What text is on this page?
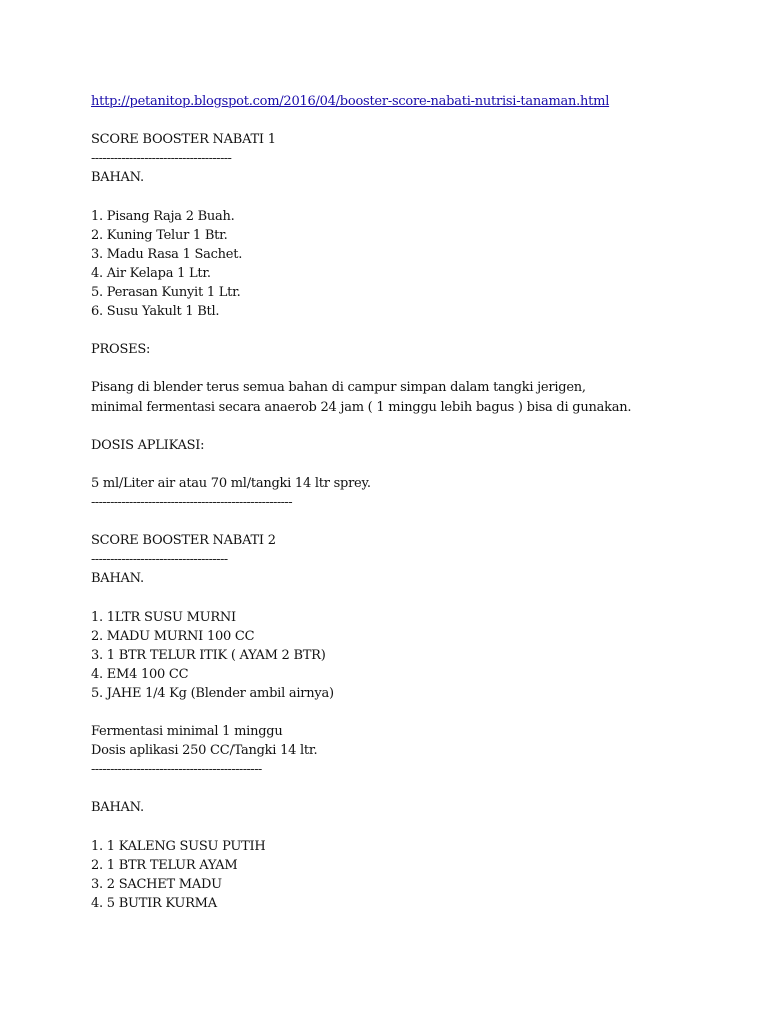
http://petanitop.blogspot.com/2016/04/booster-score-nabati-nutrisi-tanaman.html
SCORE BOOSTER NABATI 1
-------------------------------------
BAHAN.
1. Pisang Raja 2 Buah.
2. Kuning Telur 1 Btr.
3. Madu Rasa 1 Sachet.
4. Air Kelapa 1 Ltr.
5. Perasan Kunyit 1 Ltr.
6. Susu Yakult 1 Btl.
PROSES:
Pisang di blender terus semua bahan di campur simpan dalam tangki jerigen,
minimal fermentasi secara anaerob 24 jam ( 1 minggu lebih bagus ) bisa di gunakan.
DOSIS APLIKASI:
5 ml/Liter air atau 70 ml/tangki 14 ltr sprey.
-----------------------------------------------------
SCORE BOOSTER NABATI 2
------------------------------------
BAHAN.
1. 1LTR SUSU MURNI
2. MADU MURNI 100 CC
3. 1 BTR TELUR ITIK ( AYAM 2 BTR)
4. EM4 100 CC
5. JAHE 1/4 Kg (Blender ambil airnya)
Fermentasi minimal 1 minggu
Dosis aplikasi 250 CC/Tangki 14 ltr.
---------------------------------------------
BAHAN.
1. 1 KALENG SUSU PUTIH
2. 1 BTR TELUR AYAM
3. 2 SACHET MADU
4. 5 BUTIR KURMA
